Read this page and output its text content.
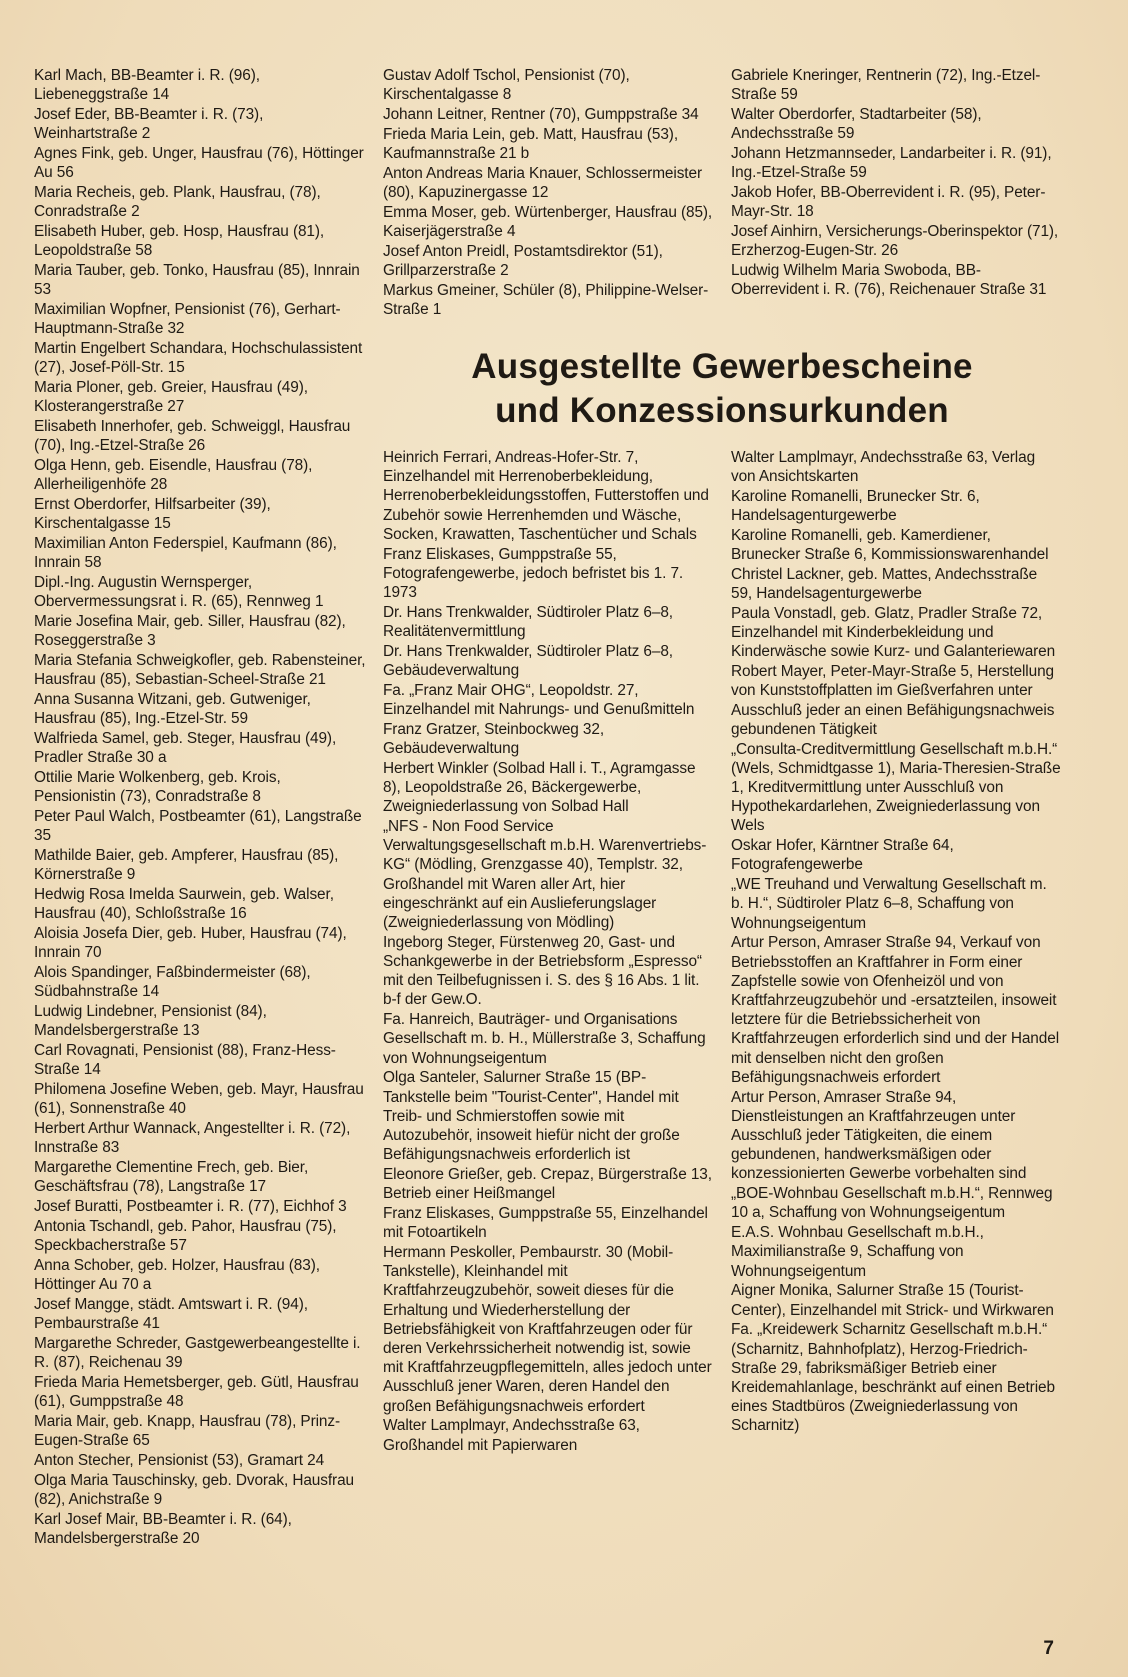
Karl Mach, BB-Beamter i. R. (96), Liebeneggstraße 14

Josef Eder, BB-Beamter i. R. (73), Weinhartstraße 2

Agnes Fink, geb. Unger, Hausfrau (76), Höttinger Au 56

Maria Recheis, geb. Plank, Hausfrau, (78), Conradstraße 2

Elisabeth Huber, geb. Hosp, Hausfrau (81), Leopoldstraße 58

Maria Tauber, geb. Tonko, Hausfrau (85), Innrain 53

Maximilian Wopfner, Pensionist (76), Gerhart-Hauptmann-Straße 32

Martin Engelbert Schandara, Hochschulassistent (27), Josef-Pöll-Str. 15

Maria Ploner, geb. Greier, Hausfrau (49), Klosterangerstraße 27

Elisabeth Innerhofer, geb. Schweiggl, Hausfrau (70), Ing.-Etzel-Straße 26

Olga Henn, geb. Eisendle, Hausfrau (78), Allerheiligenhöfe 28

Ernst Oberdorfer, Hilfsarbeiter (39), Kirschentalgasse 15

Maximilian Anton Federspiel, Kaufmann (86), Innrain 58

Dipl.-Ing. Augustin Wernsperger, Obervermessungsrat i. R. (65), Rennweg 1

Marie Josefina Mair, geb. Siller, Hausfrau (82), Roseggerstraße 3

Maria Stefania Schweigkofler, geb. Rabensteiner, Hausfrau (85), Sebastian-Scheel-Straße 21

Anna Susanna Witzani, geb. Gutweniger, Hausfrau (85), Ing.-Etzel-Str. 59

Walfrieda Samel, geb. Steger, Hausfrau (49), Pradler Straße 30 a

Ottilie Marie Wolkenberg, geb. Krois, Pensionistin (73), Conradstraße 8

Peter Paul Walch, Postbeamter (61), Langstraße 35

Mathilde Baier, geb. Ampferer, Hausfrau (85), Körnerstraße 9

Hedwig Rosa Imelda Saurwein, geb. Walser, Hausfrau (40), Schloßstraße 16

Aloisia Josefa Dier, geb. Huber, Hausfrau (74), Innrain 70

Alois Spandinger, Faßbindermeister (68), Südbahnstraße 14

Ludwig Lindebner, Pensionist (84), Mandelsbergerstraße 13

Carl Rovagnati, Pensionist (88), Franz-Hess-Straße 14

Philomena Josefine Weben, geb. Mayr, Hausfrau (61), Sonnenstraße 40

Herbert Arthur Wannack, Angestellter i. R. (72), Innstraße 83

Margarethe Clementine Frech, geb. Bier, Geschäftsfrau (78), Langstraße 17

Josef Buratti, Postbeamter i. R. (77), Eichhof 3

Antonia Tschandl, geb. Pahor, Hausfrau (75), Speckbacherstraße 57

Anna Schober, geb. Holzer, Hausfrau (83), Höttinger Au 70 a

Josef Mangge, städt. Amtswart i. R. (94), Pembaurstraße 41

Margarethe Schreder, Gastgewerbeangestellte i. R. (87), Reichenau 39

Frieda Maria Hemetsberger, geb. Gütl, Hausfrau (61), Gumppstraße 48

Maria Mair, geb. Knapp, Hausfrau (78), Prinz-Eugen-Straße 65

Anton Stecher, Pensionist (53), Gramart 24

Olga Maria Tauschinsky, geb. Dvorak, Hausfrau (82), Anichstraße 9

Karl Josef Mair, BB-Beamter i. R. (64), Mandelsbergerstraße 20

Gustav Adolf Tschol, Pensionist (70), Kirschentalgasse 8

Johann Leitner, Rentner (70), Gumppstraße 34

Frieda Maria Lein, geb. Matt, Hausfrau (53), Kaufmannstraße 21 b

Anton Andreas Maria Knauer, Schlossermeister (80), Kapuzinergasse 12

Emma Moser, geb. Würtenberger, Hausfrau (85), Kaiserjägerstraße 4

Josef Anton Preidl, Postamtsdirektor (51), Grillparzerstraße 2

Markus Gmeiner, Schüler (8), Philippine-Welser-Straße 1

Gabriele Kneringer, Rentnerin (72), Ing.-Etzel-Straße 59

Walter Oberdorfer, Stadtarbeiter (58), Andechsstraße 59

Johann Hetzmannseder, Landarbeiter i. R. (91), Ing.-Etzel-Straße 59

Jakob Hofer, BB-Oberrevident i. R. (95), Peter-Mayr-Str. 18

Josef Ainhirn, Versicherungs-Oberinspektor (71), Erzherzog-Eugen-Str. 26

Ludwig Wilhelm Maria Swoboda, BB-Oberrevident i. R. (76), Reichenauer Straße 31

Ausgestellte Gewerbescheine
und Konzessionsurkunden

Heinrich Ferrari, Andreas-Hofer-Str. 7, Einzelhandel mit Herrenoberbekleidung, Herrenoberbekleidungsstoffen, Futterstoffen und Zubehör sowie Herrenhemden und Wäsche, Socken, Krawatten, Taschentücher und Schals

Franz Eliskases, Gumppstraße 55, Fotografengewerbe, jedoch befristet bis 1. 7. 1973

Dr. Hans Trenkwalder, Südtiroler Platz 6–8, Realitätenvermittlung

Dr. Hans Trenkwalder, Südtiroler Platz 6–8, Gebäudeverwaltung

Fa. „Franz Mair OHG“, Leopoldstr. 27, Einzelhandel mit Nahrungs- und Genußmitteln

Franz Gratzer, Steinbockweg 32, Gebäudeverwaltung

Herbert Winkler (Solbad Hall i. T., Agramgasse 8), Leopoldstraße 26, Bäckergewerbe, Zweigniederlassung von Solbad Hall

„NFS - Non Food Service Verwaltungsgesellschaft m.b.H. Warenvertriebs-KG“ (Mödling, Grenzgasse 40), Templstr. 32, Großhandel mit Waren aller Art, hier eingeschränkt auf ein Auslieferungslager (Zweigniederlassung von Mödling)

Ingeborg Steger, Fürstenweg 20, Gast- und Schankgewerbe in der Betriebsform „Espresso“ mit den Teilbefugnissen i. S. des § 16 Abs. 1 lit. b-f der Gew.O.

Fa. Hanreich, Bauträger- und Organisations Gesellschaft m. b. H., Müllerstraße 3, Schaffung von Wohnungseigentum

Olga Santeler, Salurner Straße 15 (BP-Tankstelle beim "Tourist-Center", Handel mit Treib- und Schmierstoffen sowie mit Autozubehör, insoweit hiefür nicht der große Befähigungsnachweis erforderlich ist

Eleonore Grießer, geb. Crepaz, Bürgerstraße 13, Betrieb einer Heißmangel

Franz Eliskases, Gumppstraße 55, Einzelhandel mit Fotoartikeln

Hermann Peskoller, Pembaurstr. 30 (Mobil-Tankstelle), Kleinhandel mit Kraftfahrzeugzubehör, soweit dieses für die Erhaltung und Wiederherstellung der Betriebsfähigkeit von Kraftfahrzeugen oder für deren Verkehrssicherheit notwendig ist, sowie mit Kraftfahrzeugpflegemitteln, alles jedoch unter Ausschluß jener Waren, deren Handel den großen Befähigungsnachweis erfordert

Walter Lamplmayr, Andechsstraße 63, Großhandel mit Papierwaren

Walter Lamplmayr, Andechsstraße 63, Verlag von Ansichtskarten

Karoline Romanelli, Brunecker Str. 6, Handelsagenturgewerbe

Karoline Romanelli, geb. Kamerdiener, Brunecker Straße 6, Kommissionswarenhandel

Christel Lackner, geb. Mattes, Andechsstraße 59, Handelsagenturgewerbe

Paula Vonstadl, geb. Glatz, Pradler Straße 72, Einzelhandel mit Kinderbekleidung und Kinderwäsche sowie Kurz- und Galanteriewaren

Robert Mayer, Peter-Mayr-Straße 5, Herstellung von Kunststoffplatten im Gießverfahren unter Ausschluß jeder an einen Befähigungsnachweis gebundenen Tätigkeit

„Consulta-Creditvermittlung Gesellschaft m.b.H.“ (Wels, Schmidtgasse 1), Maria-Theresien-Straße 1, Kreditvermittlung unter Ausschluß von Hypothekardarlehen, Zweigniederlassung von Wels

Oskar Hofer, Kärntner Straße 64, Fotografengewerbe

„WE Treuhand und Verwaltung Gesellschaft m. b. H.“, Südtiroler Platz 6–8, Schaffung von Wohnungseigentum

Artur Person, Amraser Straße 94, Verkauf von Betriebsstoffen an Kraftfahrer in Form einer Zapfstelle sowie von Ofenheizöl und von Kraftfahrzeugzubehör und -ersatzteilen, insoweit letztere für die Betriebssicherheit von Kraftfahrzeugen erforderlich sind und der Handel mit denselben nicht den großen Befähigungsnachweis erfordert

Artur Person, Amraser Straße 94, Dienstleistungen an Kraftfahrzeugen unter Ausschluß jeder Tätigkeiten, die einem gebundenen, handwerksmäßigen oder konzessionierten Gewerbe vorbehalten sind

„BOE-Wohnbau Gesellschaft m.b.H.“, Rennweg 10 a, Schaffung von Wohnungseigentum

E.A.S. Wohnbau Gesellschaft m.b.H., Maximilianstraße 9, Schaffung von Wohnungseigentum

Aigner Monika, Salurner Straße 15 (Tourist-Center), Einzelhandel mit Strick- und Wirkwaren

Fa. „Kreidewerk Scharnitz Gesellschaft m.b.H.“ (Scharnitz, Bahnhofplatz), Herzog-Friedrich-Straße 29, fabriksmäßiger Betrieb einer Kreidemahlanlage, beschränkt auf einen Betrieb eines Stadtbüros (Zweigniederlassung von Scharnitz)

7
